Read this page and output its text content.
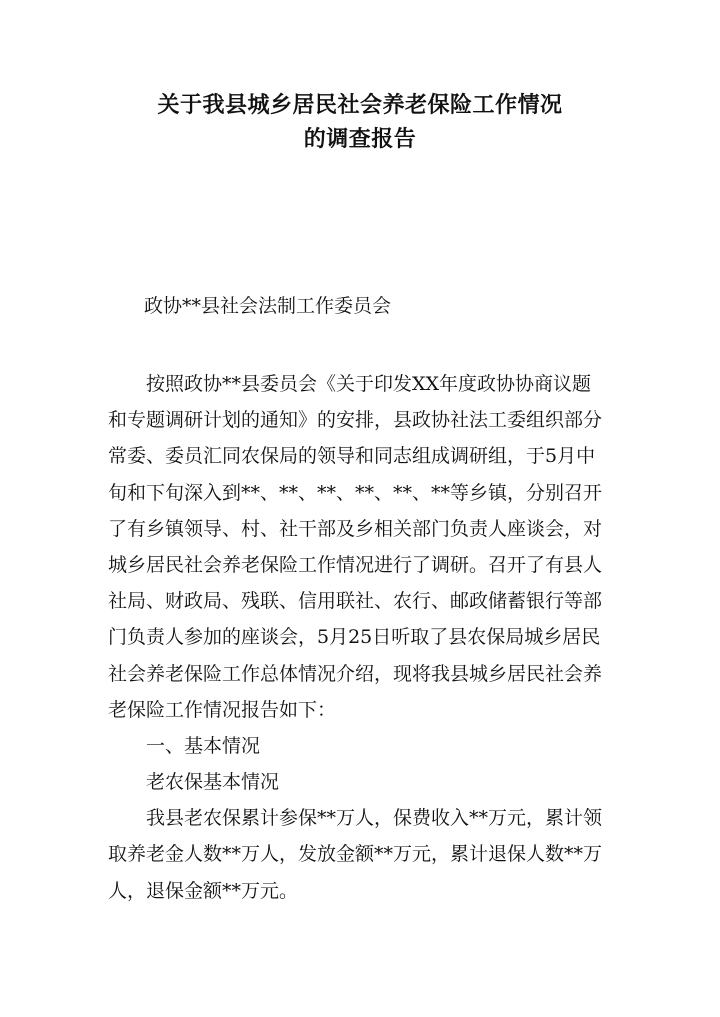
关于我县城乡居民社会养老保险工作情况
的调查报告
政协**县社会法制工作委员会
按照政协**县委员会《关于印发XX年度政协协商议题
和专题调研计划的通知》的安排，县政协社法工委组织部分
常委、委员汇同农保局的领导和同志组成调研组，于5月中
旬和下旬深入到**、**、**、**、**、**等乡镇，分别召开
了有乡镇领导、村、社干部及乡相关部门负责人座谈会，对
城乡居民社会养老保险工作情况进行了调研。召开了有县人
社局、财政局、残联、信用联社、农行、邮政储蓄银行等部
门负责人参加的座谈会，5月25日听取了县农保局城乡居民
社会养老保险工作总体情况介绍，现将我县城乡居民社会养
老保险工作情况报告如下：
一、基本情况
老农保基本情况
我县老农保累计参保**万人，保费收入**万元，累计领
取养老金人数**万人，发放金额**万元，累计退保人数**万
人，退保金额**万元。
